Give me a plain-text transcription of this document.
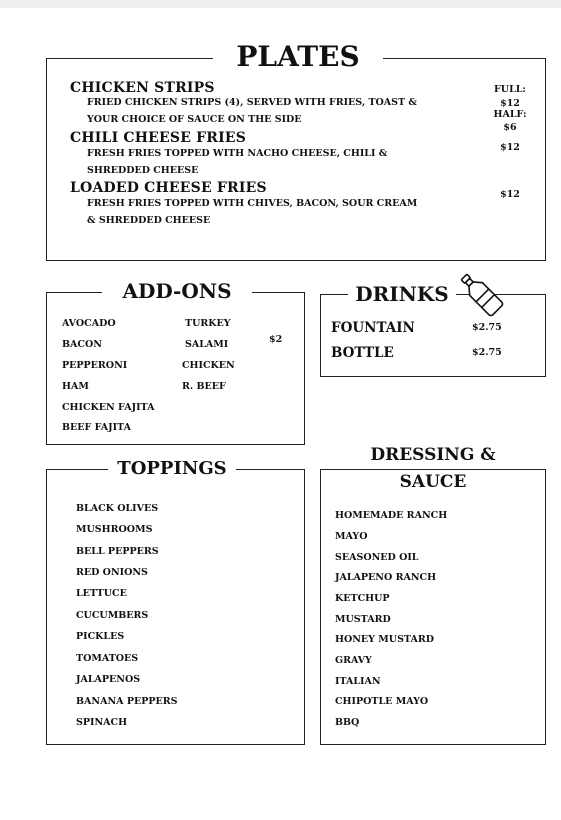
PLATES
CHICKEN STRIPS
FRIED CHICKEN STRIPS (4), SERVED WITH FRIES, TOAST &
YOUR CHOICE OF SAUCE ON THE SIDE
CHILI CHEESE FRIES
FRESH FRIES TOPPED WITH NACHO CHEESE, CHILI &
SHREDDED CHEESE
LOADED CHEESE FRIES
FRESH FRIES TOPPED WITH CHIVES, BACON, SOUR CREAM
& SHREDDED CHEESE
FULL:
$12
HALF:
$6
$12
$12
ADD-ONS
AVOCADO
BACON
PEPPERONI
HAM
CHICKEN FAJITA
BEEF FAJITA
TURKEY
SALAMI
CHICKEN
R. BEEF
$2
DRINKS
FOUNTAIN	$2.75
BOTTLE	$2.75
TOPPINGS
BLACK OLIVES
MUSHROOMS
BELL PEPPERS
RED ONIONS
LETTUCE
CUCUMBERS
PICKLES
TOMATOES
JALAPENOS
BANANA PEPPERS
SPINACH
DRESSING &
SAUCE
HOMEMADE RANCH
MAYO
SEASONED OIL
JALAPENO RANCH
KETCHUP
MUSTARD
HONEY MUSTARD
GRAVY
ITALIAN
CHIPOTLE MAYO
BBQ
